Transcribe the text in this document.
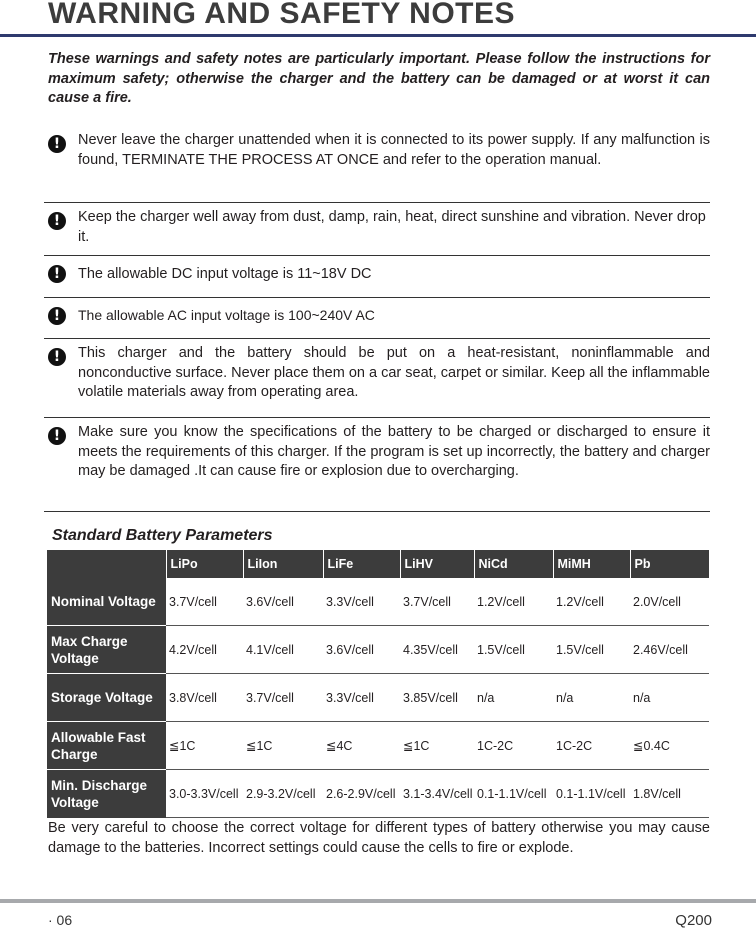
WARNING AND SAFETY NOTES

These warnings and safety notes are particularly important. Please follow the instructions for maximum safety; otherwise the charger and the battery can be damaged or at worst it can cause a fire.

!	Never leave the charger unattended when it is connected to its power supply. If any malfunction is found, TERMINATE THE PROCESS AT ONCE and refer to the operation manual.
!	Keep the charger well away from dust, damp, rain, heat, direct sunshine and vibration. Never drop it.
!	The allowable DC input voltage is 11~18V DC
!	The allowable AC input voltage is 100~240V AC
!	This charger and the battery should be put on a heat-resistant, noninflammable and nonconductive surface. Never place them on a car seat, carpet or similar. Keep all the inflammable volatile materials away from operating area.
!	Make sure you know the specifications of the battery to be charged or discharged to ensure it meets the requirements of this charger. If the program is set up incorrectly, the battery and charger may be damaged .It can cause fire or explosion due to overcharging.
Standard Battery Parameters
	LiPo	LiIon	LiFe	LiHV	NiCd	MiMH	Pb
Nominal Voltage	3.7V/cell	3.6V/cell	3.3V/cell	3.7V/cell	1.2V/cell	1.2V/cell	2.0V/cell
Max Charge Voltage	4.2V/cell	4.1V/cell	3.6V/cell	4.35V/cell	1.5V/cell	1.5V/cell	2.46V/cell
Storage Voltage	3.8V/cell	3.7V/cell	3.3V/cell	3.85V/cell	n/a	n/a	n/a
Allowable Fast Charge	≦1C	≦1C	≦4C	≦1C	1C-2C	1C-2C	≦0.4C
Min. Discharge Voltage	3.0-3.3V/cell	2.9-3.2V/cell	2.6-2.9V/cell	3.1-3.4V/cell	0.1-1.1V/cell	0.1-1.1V/cell	1.8V/cell

Be very careful to choose the correct voltage for different types of battery otherwise you may cause damage to the batteries. Incorrect settings could cause the cells to fire or explode.

· 06	Q200
